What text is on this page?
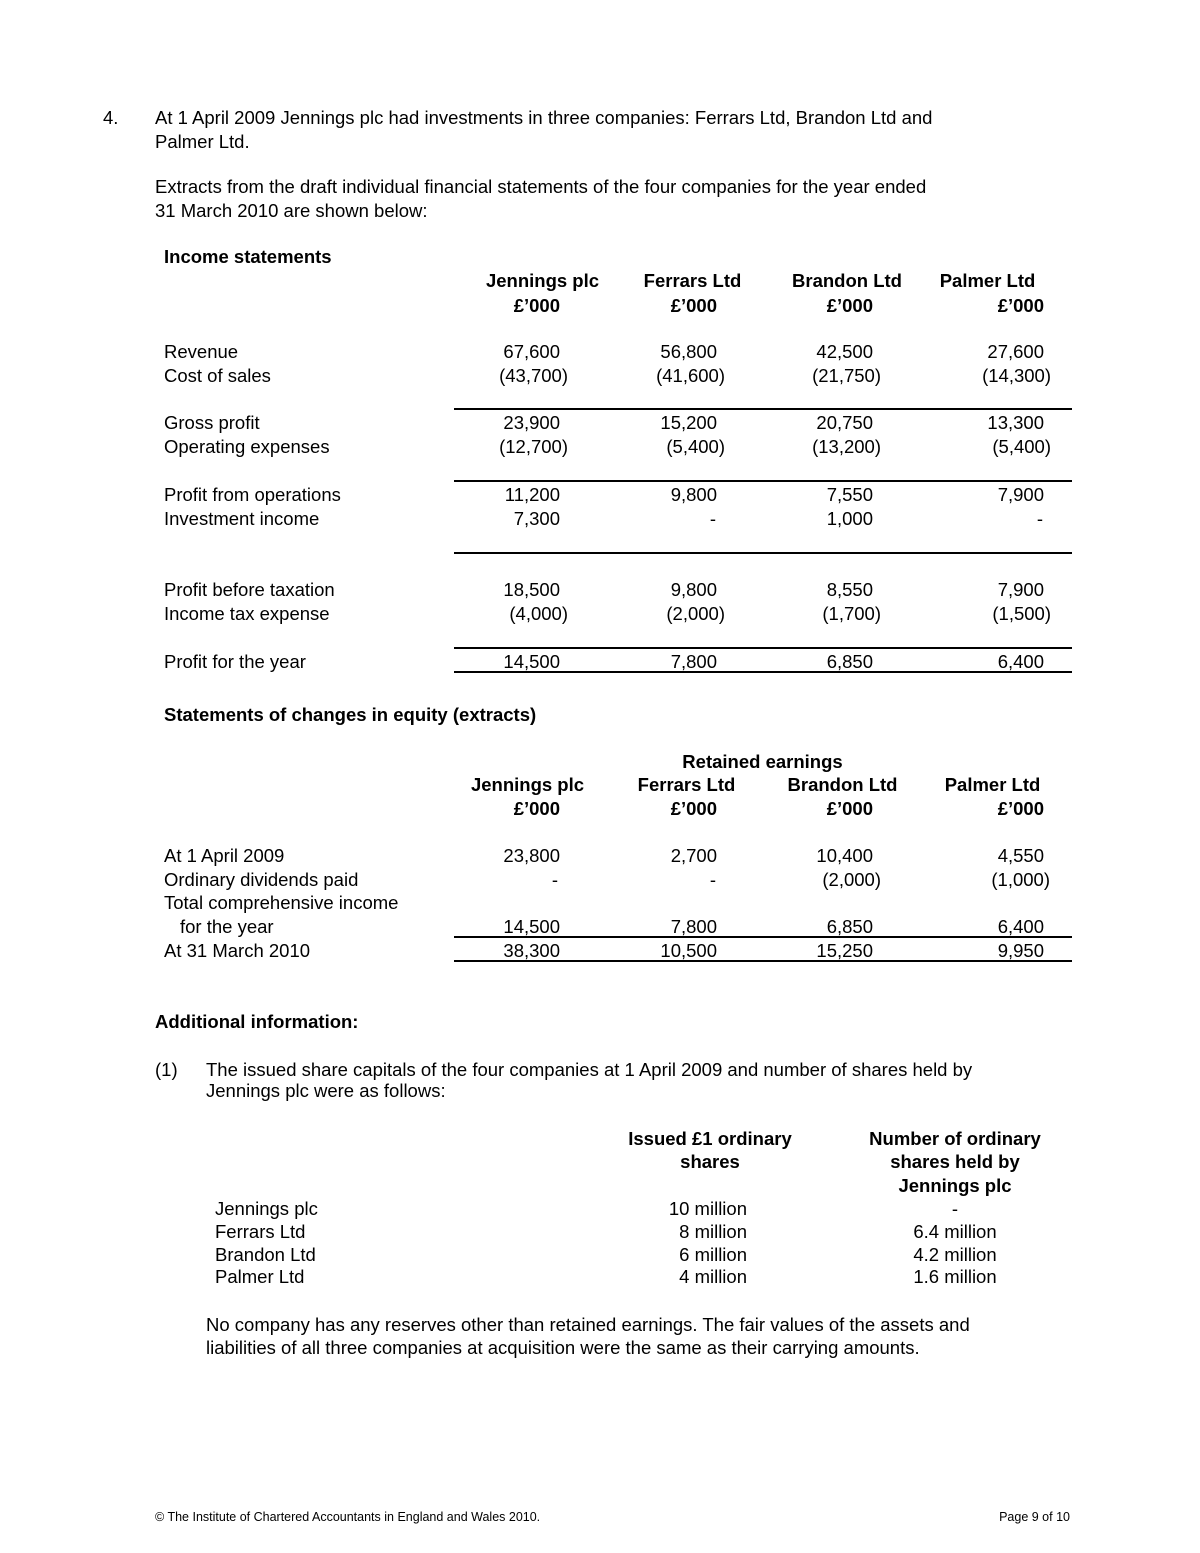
4. At 1 April 2009 Jennings plc had investments in three companies: Ferrars Ltd, Brandon Ltd and
Palmer Ltd.
Extracts from the draft individual financial statements of the four companies for the year ended
31 March 2010 are shown below:
Income statements
Jennings plc	Ferrars Ltd	Brandon Ltd	Palmer Ltd
£’000	£’000	£’000	£’000
Revenue	67,600	56,800	42,500	27,600
Cost of sales	(43,700)	(41,600)	(21,750)	(14,300)
Gross profit	23,900	15,200	20,750	13,300
Operating expenses	(12,700)	(5,400)	(13,200)	(5,400)
Profit from operations	11,200	9,800	7,550	7,900
Investment income	7,300	-	1,000	-
Profit before taxation	18,500	9,800	8,550	7,900
Income tax expense	(4,000)	(2,000)	(1,700)	(1,500)
Profit for the year	14,500	7,800	6,850	6,400
Statements of changes in equity (extracts)
Retained earnings
Jennings plc	Ferrars Ltd	Brandon Ltd	Palmer Ltd
£’000	£’000	£’000	£’000
At 1 April 2009	23,800	2,700	10,400	4,550
Ordinary dividends paid	-	-	(2,000)	(1,000)
Total comprehensive income
for the year	14,500	7,800	6,850	6,400
At 31 March 2010	38,300	10,500	15,250	9,950
Additional information:
(1) The issued share capitals of the four companies at 1 April 2009 and number of shares held by
Jennings plc were as follows:
Issued £1 ordinary
shares
Number of ordinary
shares held by
Jennings plc
Jennings plc	10 million	-
Ferrars Ltd	8 million	6.4 million
Brandon Ltd	6 million	4.2 million
Palmer Ltd	4 million	1.6 million
No company has any reserves other than retained earnings. The fair values of the assets and
liabilities of all three companies at acquisition were the same as their carrying amounts.
© The Institute of Chartered Accountants in England and Wales 2010.	Page 9 of 10
